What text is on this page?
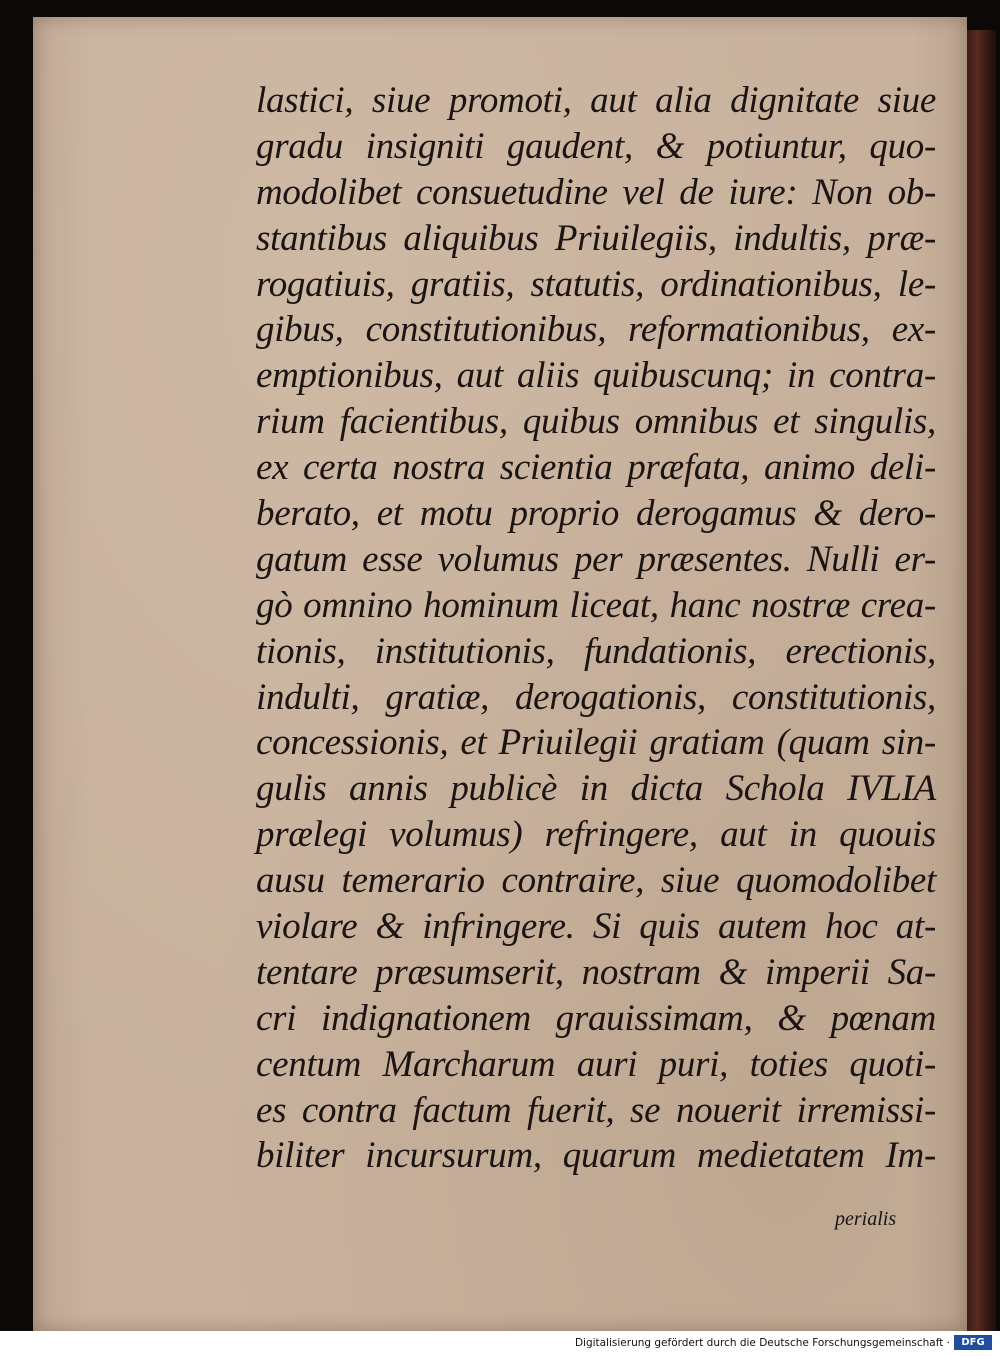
lastici, siue promoti, aut alia dignitate siue
gradu insigniti gaudent, & potiuntur, quo-
modolibet consuetudine vel de iure: Non ob-
stantibus aliquibus Priuilegiis, indultis, præ-
rogatiuis, gratiis, statutis, ordinationibus, le-
gibus, constitutionibus, reformationibus, ex-
emptionibus, aut aliis quibuscunq; in contra-
rium facientibus, quibus omnibus et singulis,
ex certa nostra scientia præfata, animo deli-
berato, et motu proprio derogamus & dero-
gatum esse volumus per præsentes. Nulli er-
gò omnino hominum liceat, hanc nostræ crea-
tionis, institutionis, fundationis, erectionis,
indulti, gratiæ, derogationis, constitutionis,
concessionis, et Priuilegii gratiam (quam sin-
gulis annis publicè in dicta Schola IVLIA
prælegi volumus) refringere, aut in quouis
ausu temerario contraire, siue quomodolibet
violare & infringere. Si quis autem hoc at-
tentare præsumserit, nostram & imperii Sa-
cri indignationem grauissimam, & pœnam
centum Marcharum auri puri, toties quoti-
es contra factum fuerit, se nouerit irremissi-
biliter incursurum, quarum medietatem Im-
perialis
Digitalisierung gefördert durch die Deutsche Forschungsgemeinschaft ·	DFG
